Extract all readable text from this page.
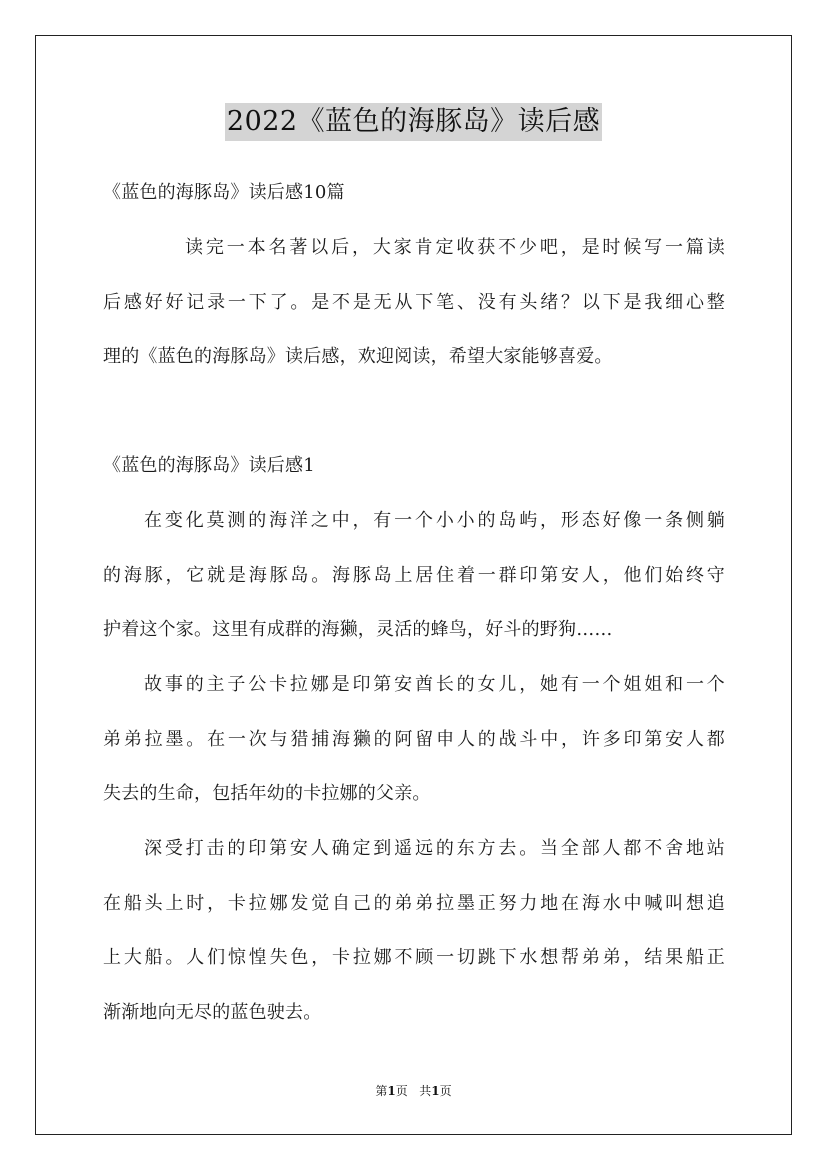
2022《蓝色的海豚岛》读后感
《蓝色的海豚岛》读后感10篇
读完一本名著以后，大家肯定收获不少吧，是时候写一篇读
后感好好记录一下了。是不是无从下笔、没有头绪？以下是我细心整
理的《蓝色的海豚岛》读后感，欢迎阅读，希望大家能够喜爱。
《蓝色的海豚岛》读后感1
在变化莫测的海洋之中，有一个小小的岛屿，形态好像一条侧躺
的海豚，它就是海豚岛。海豚岛上居住着一群印第安人，他们始终守
护着这个家。这里有成群的海獭，灵活的蜂鸟，好斗的野狗……
故事的主子公卡拉娜是印第安酋长的女儿，她有一个姐姐和一个
弟弟拉墨。在一次与猎捕海獭的阿留申人的战斗中，许多印第安人都
失去的生命，包括年幼的卡拉娜的父亲。
深受打击的印第安人确定到遥远的东方去。当全部人都不舍地站
在船头上时，卡拉娜发觉自己的弟弟拉墨正努力地在海水中喊叫想追
上大船。人们惊惶失色，卡拉娜不顾一切跳下水想帮弟弟，结果船正
渐渐地向无尽的蓝色驶去。
第1页 共1页
